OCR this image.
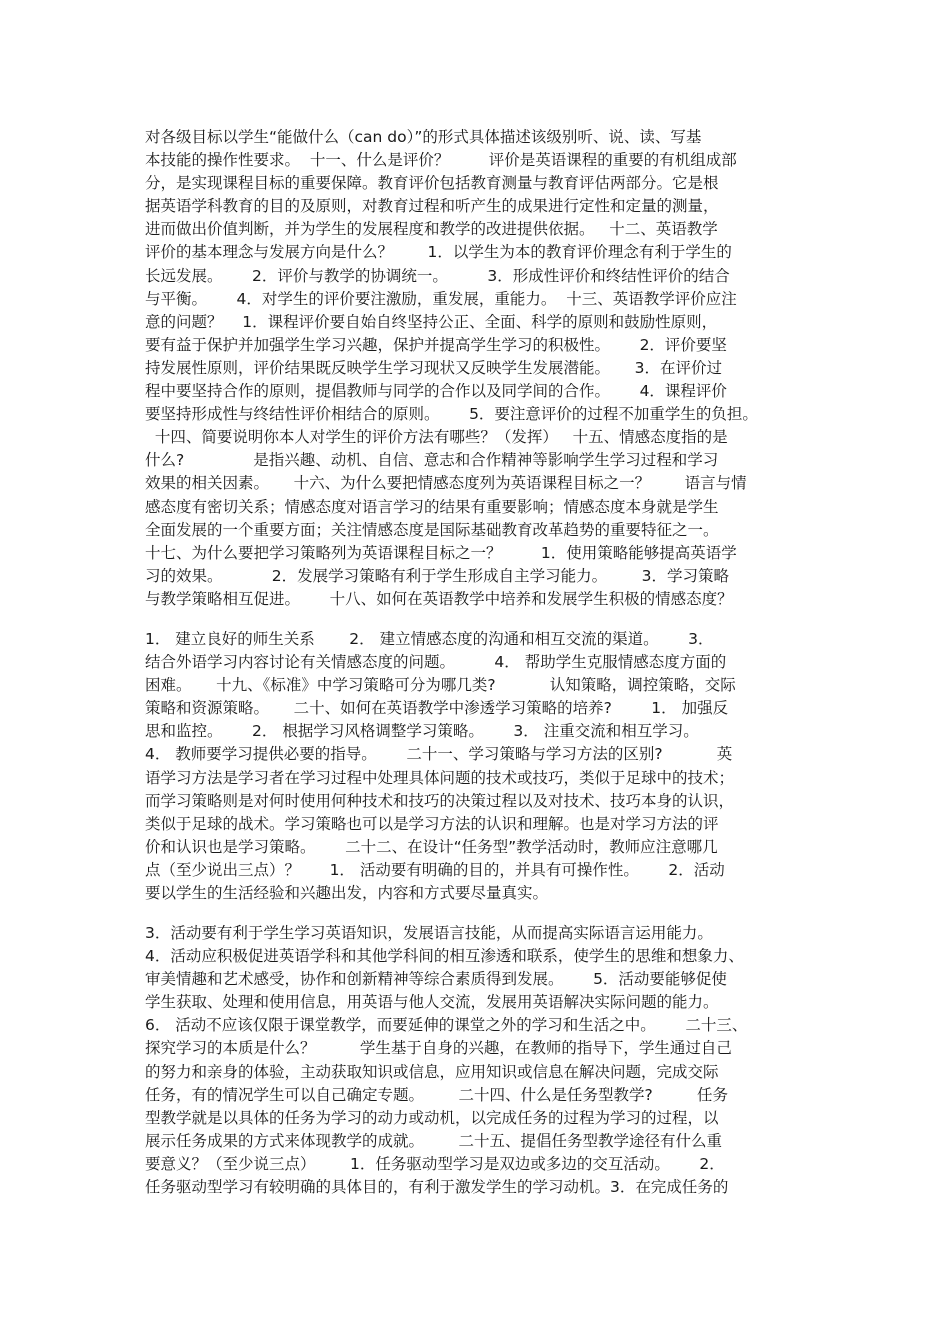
对各级目标以学生“能做什么（can do）”的形式具体描述该级别听、说、读、写基
本技能的操作性要求。  十一、什么是评价？        评价是英语课程的重要的有机组成部
分，是实现课程目标的重要保障。教育评价包括教育测量与教育评估两部分。它是根
据英语学科教育的目的及原则，对教育过程和听产生的成果进行定性和定量的测量，
进而做出价值判断，并为学生的发展程度和教学的改进提供依据。   十二、英语教学
评价的基本理念与发展方向是什么？       1．以学生为本的教育评价理念有利于学生的
长远发展。      2．评价与教学的协调统一。        3．形成性评价和终结性评价的结合
与平衡。      4．对学生的评价要注激励，重发展，重能力。  十三、英语教学评价应注
意的问题？    1．课程评价要自始自终坚持公正、全面、科学的原则和鼓励性原则，
要有益于保护并加强学生学习兴趣，保护并提高学生学习的积极性。      2．评价要坚
持发展性原则，评价结果既反映学生学习现状又反映学生发展潜能。     3．在评价过
程中要坚持合作的原则，提倡教师与同学的合作以及同学间的合作。      4．课程评价
要坚持形成性与终结性评价相结合的原则。      5．要注意评价的过程不加重学生的负担。
十四、简要说明你本人对学生的评价方法有哪些？（发挥）   十五、情感态度指的是
什么?              是指兴趣、动机、自信、意志和合作精神等影响学生学习过程和学习
效果的相关因素。     十六、为什么要把情感态度列为英语课程目标之一？       语言与情
感态度有密切关系；情感态度对语言学习的结果有重要影响；情感态度本身就是学生
全面发展的一个重要方面；关注情感态度是国际基础教育改革趋势的重要特征之一。
十七、为什么要把学习策略列为英语课程目标之一？        1．使用策略能够提高英语学
习的效果。          2．发展学习策略有利于学生形成自主学习能力。       3．学习策略
与教学策略相互促进。      十八、如何在英语教学中培养和发展学生积极的情感态度？
1． 建立良好的师生关系       2． 建立情感态度的沟通和相互交流的渠道。      3．
结合外语学习内容讨论有关情感态度的问题。        4． 帮助学生克服情感态度方面的
困难。     十九、《标准》中学习策略可分为哪几类?           认知策略，调控策略，交际
策略和资源策略。     二十、如何在英语教学中渗透学习策略的培养?        1． 加强反
思和监控。      2． 根据学习风格调整学习策略。      3． 注重交流和相互学习。
4． 教师要学习提供必要的指导。      二十一、学习策略与学习方法的区别?           英
语学习方法是学习者在学习过程中处理具体问题的技术或技巧，类似于足球中的技术；
而学习策略则是对何时使用何种技术和技巧的决策过程以及对技术、技巧本身的认识，
类似于足球的战术。学习策略也可以是学习方法的认识和理解。也是对学习方法的评
价和认识也是学习策略。      二十二、在设计“任务型”教学活动时，教师应注意哪几
点（至少说出三点）？      1． 活动要有明确的目的，并具有可操作性。      2．活动
要以学生的生活经验和兴趣出发，内容和方式要尽量真实。
3．活动要有利于学生学习英语知识，发展语言技能，从而提高实际语言运用能力。
4．活动应积极促进英语学科和其他学科间的相互渗透和联系，使学生的思维和想象力、
审美情趣和艺术感受，协作和创新精神等综合素质得到发展。      5．活动要能够促使
学生获取、处理和使用信息，用英语与他人交流，发展用英语解决实际问题的能力。
6． 活动不应该仅限于课堂教学，而要延伸的课堂之外的学习和生活之中。      二十三、
探究学习的本质是什么？         学生基于自身的兴趣，在教师的指导下，学生通过自己
的努力和亲身的体验，主动获取知识或信息，应用知识或信息在解决问题，完成交际
任务，有的情况学生可以自己确定专题。       二十四、什么是任务型教学?         任务
型教学就是以具体的任务为学习的动力或动机，以完成任务的过程为学习的过程，以
展示任务成果的方式来体现教学的成就。       二十五、提倡任务型教学途径有什么重
要意义？（至少说三点）       1．任务驱动型学习是双边或多边的交互活动。      2．
任务驱动型学习有较明确的具体目的，有利于激发学生的学习动机。3．在完成任务的
